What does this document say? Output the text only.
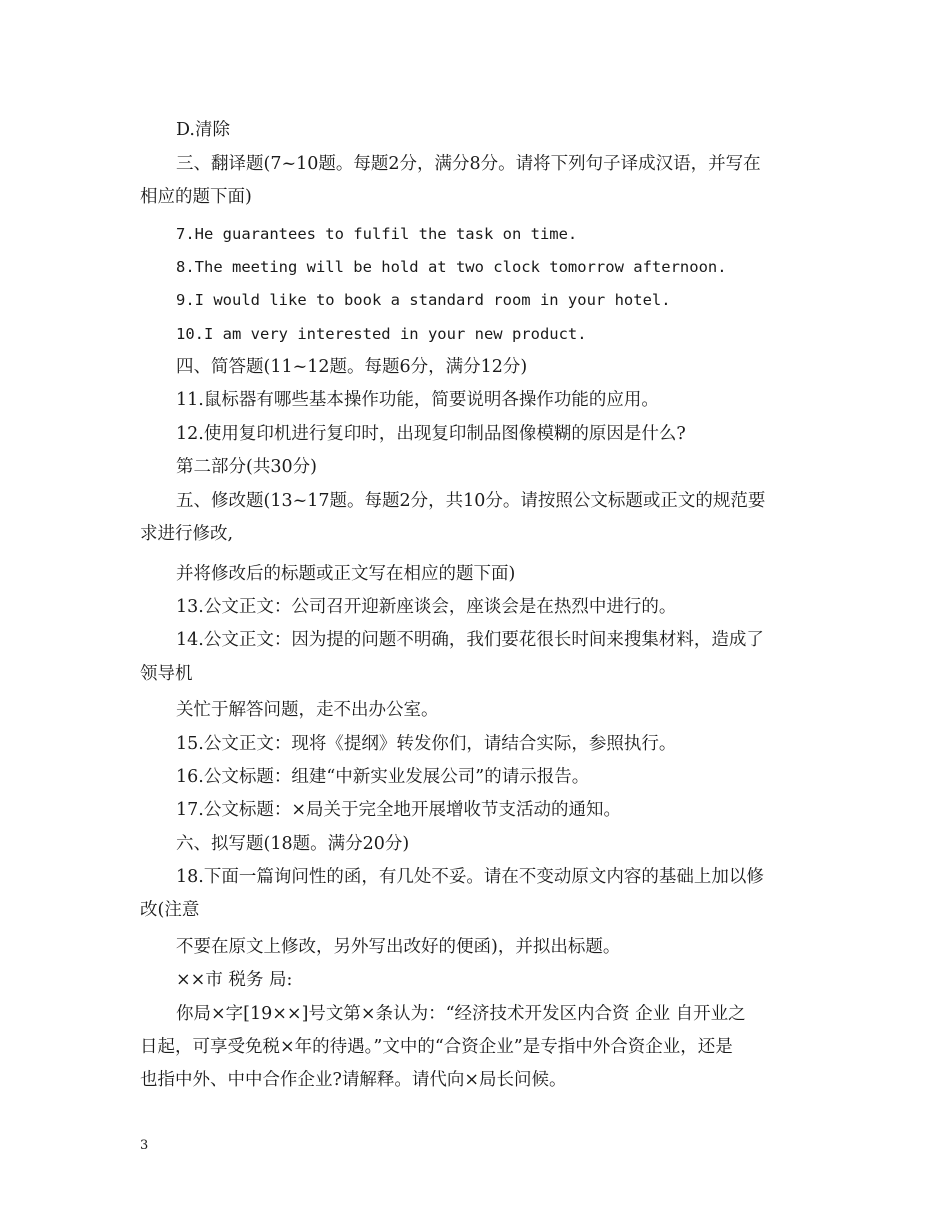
D.清除
三、翻译题(7~10题。每题2分，满分8分。请将下列句子译成汉语，并写在
相应的题下面)
7.He guarantees to fulfil the task on time.
8.The meeting will be hold at two clock tomorrow afternoon.
9.I would like to book a standard room in your hotel.
10.I am very interested in your new product.
四、简答题(11~12题。每题6分，满分12分)
11.鼠标器有哪些基本操作功能，简要说明各操作功能的应用。
12.使用复印机进行复印时，出现复印制品图像模糊的原因是什么?
第二部分(共30分)
五、修改题(13~17题。每题2分，共10分。请按照公文标题或正文的规范要
求进行修改,
并将修改后的标题或正文写在相应的题下面)
13.公文正文：公司召开迎新座谈会，座谈会是在热烈中进行的。
14.公文正文：因为提的问题不明确，我们要花很长时间来搜集材料，造成了
领导机
关忙于解答问题，走不出办公室。
15.公文正文：现将《提纲》转发你们，请结合实际，参照执行。
16.公文标题：组建“中新实业发展公司”的请示报告。
17.公文标题：×局关于完全地开展增收节支活动的通知。
六、拟写题(18题。满分20分)
18.下面一篇询问性的函，有几处不妥。请在不变动原文内容的基础上加以修
改(注意
不要在原文上修改，另外写出改好的便函)，并拟出标题。
××市 税务 局:
你局×字[19××]号文第×条认为：“经济技术开发区内合资 企业 自开业之
日起，可享受免税×年的待遇。”文中的“合资企业”是专指中外合资企业，还是
也指中外、中中合作企业?请解释。请代向×局长问候。
3
